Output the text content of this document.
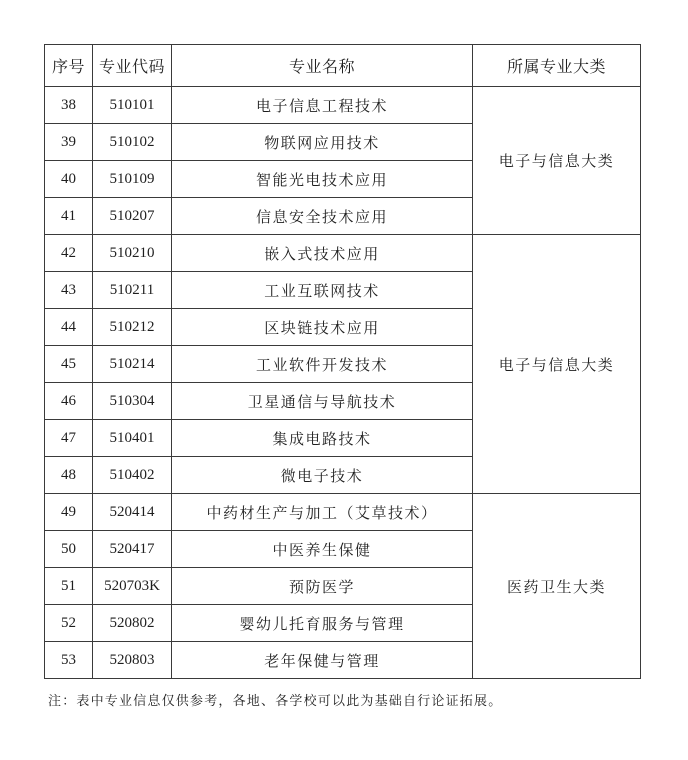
序号	专业代码	专业名称	所属专业大类
38	510101	电子信息工程技术	电子与信息大类
39	510102	物联网应用技术	
40	510109	智能光电技术应用	
41	510207	信息安全技术应用	
42	510210	嵌入式技术应用	电子与信息大类
43	510211	工业互联网技术	
44	510212	区块链技术应用	
45	510214	工业软件开发技术	
46	510304	卫星通信与导航技术	
47	510401	集成电路技术	
48	510402	微电子技术	
49	520414	中药材生产与加工（艾草技术）	医药卫生大类
50	520417	中医养生保健	
51	520703K	预防医学	
52	520802	婴幼儿托育服务与管理	
53	520803	老年保健与管理	
注：表中专业信息仅供参考，各地、各学校可以此为基础自行论证拓展。
